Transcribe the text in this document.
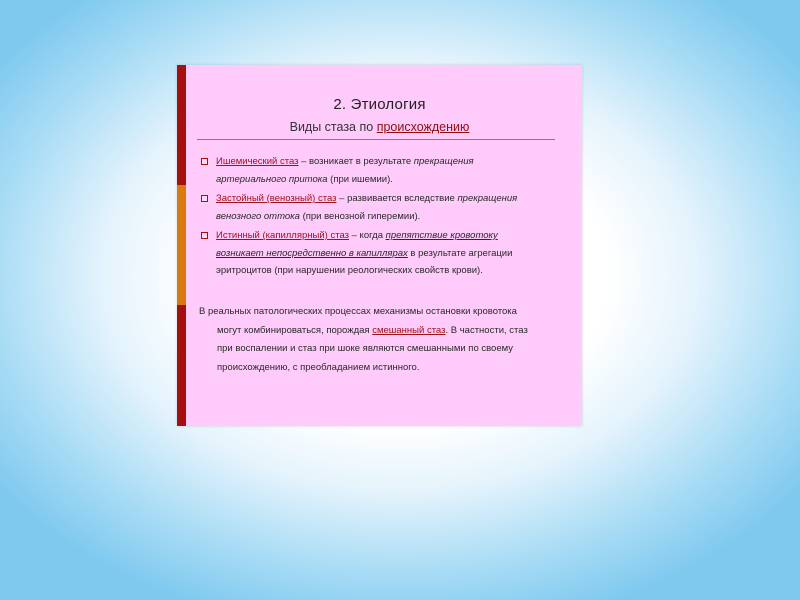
2. Этиология
Виды стаза по происхождению
Ишемический стаз – возникает в результате прекращения
артериального притока (при ишемии).
Застойный (венозный) стаз – развивается вследствие прекращения
венозного оттока (при венозной гиперемии).
Истинный (капиллярный) стаз – когда препятствие кровотоку
возникает непосредственно в капиллярах в результате агрегации
эритроцитов (при нарушении реологических свойств крови).
В реальных патологических процессах механизмы остановки кровотока
могут комбинироваться, порождая смешанный стаз. В частности, стаз
при воспалении и стаз при шоке являются смешанными по своему
происхождению, с преобладанием истинного.
